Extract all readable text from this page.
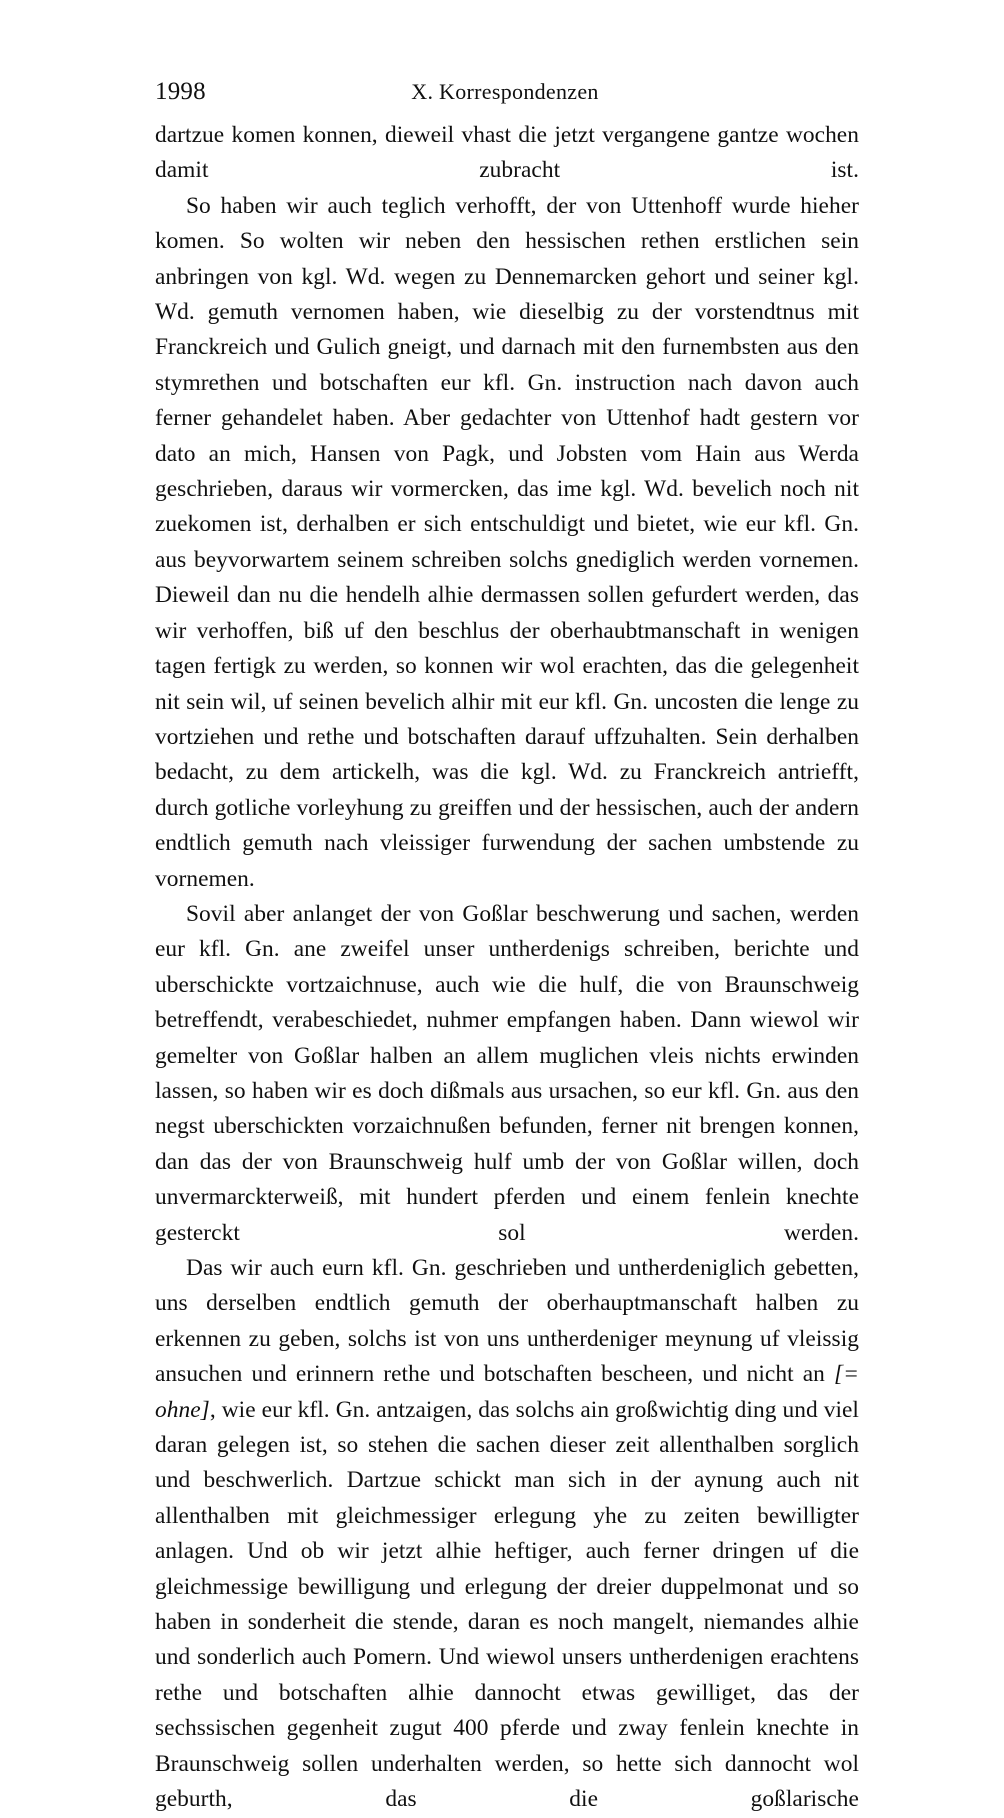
1998	X. Korrespondenzen

dartzue komen konnen, dieweil vhast die jetzt vergangene gantze wochen damit zubracht ist.

So haben wir auch teglich verhofft, der von Uttenhoff wurde hieher komen. So wolten wir neben den hessischen rethen erstlichen sein anbringen von kgl. Wd. wegen zu Dennemarcken gehort und seiner kgl. Wd. gemuth vernomen haben, wie dieselbig zu der vorstendtnus mit Franckreich und Gulich gneigt, und darnach mit den furnembsten aus den stymrethen und botschaften eur kfl. Gn. instruction nach davon auch ferner gehandelet haben. Aber gedachter von Uttenhof hadt gestern vor dato an mich, Hansen von Pagk, und Jobsten vom Hain aus Werda geschrieben, daraus wir vormercken, das ime kgl. Wd. bevelich noch nit zuekomen ist, derhalben er sich entschuldigt und bietet, wie eur kfl. Gn. aus beyvorwartem seinem schreiben solchs gnediglich werden vornemen. Dieweil dan nu die hendelh alhie dermassen sollen gefurdert werden, das wir verhoffen, biß uf den beschlus der oberhaubtmanschaft in wenigen tagen fertigk zu werden, so konnen wir wol erachten, das die gelegenheit nit sein wil, uf seinen bevelich alhir mit eur kfl. Gn. uncosten die lenge zu vortziehen und rethe und botschaften darauf uffzuhalten. Sein derhalben bedacht, zu dem artickelh, was die kgl. Wd. zu Franckreich antriefft, durch gotliche vorleyhung zu greiffen und der hessischen, auch der andern endtlich gemuth nach vleissiger furwendung der sachen umbstende zu vornemen.

Sovil aber anlanget der von Goßlar beschwerung und sachen, werden eur kfl. Gn. ane zweifel unser untherdenigs schreiben, berichte und uberschickte vortzaichnuse, auch wie die hulf, die von Braunschweig betreffendt, verabeschiedet, nuhmer empfangen haben. Dann wiewol wir gemelter von Goßlar halben an allem muglichen vleis nichts erwinden lassen, so haben wir es doch dißmals aus ursachen, so eur kfl. Gn. aus den negst uberschickten vorzaichnußen befunden, ferner nit brengen konnen, dan das der von Braunschweig hulf umb der von Goßlar willen, doch unvermarckterweiß, mit hundert pferden und einem fenlein knechte gesterckt sol werden.

Das wir auch eurn kfl. Gn. geschrieben und untherdeniglich gebetten, uns derselben endtlich gemuth der oberhauptmanschaft halben zu erkennen zu geben, solchs ist von uns untherdeniger meynung uf vleissig ansuchen und erinnern rethe und botschaften bescheen, und nicht an [= ohne], wie eur kfl. Gn. antzaigen, das solchs ain großwichtig ding und viel daran gelegen ist, so stehen die sachen dieser zeit allenthalben sorglich und beschwerlich. Dartzue schickt man sich in der aynung auch nit allenthalben mit gleichmessiger erlegung yhe zu zeiten bewilligter anlagen. Und ob wir jetzt alhie heftiger, auch ferner dringen uf die gleichmessige bewilligung und erlegung der dreier duppelmonat und so haben in sonderheit die stende, daran es noch mangelt, niemandes alhie und sonderlich auch Pomern. Und wiewol unsers untherdenigen erachtens rethe und botschaften alhie dannocht etwas gewilliget, das der sechssischen gegenheit zugut 400 pferde und zway fenlein knechte in Braunschweig sollen underhalten werden, so hette sich dannocht wol geburth, das die goßlarische
